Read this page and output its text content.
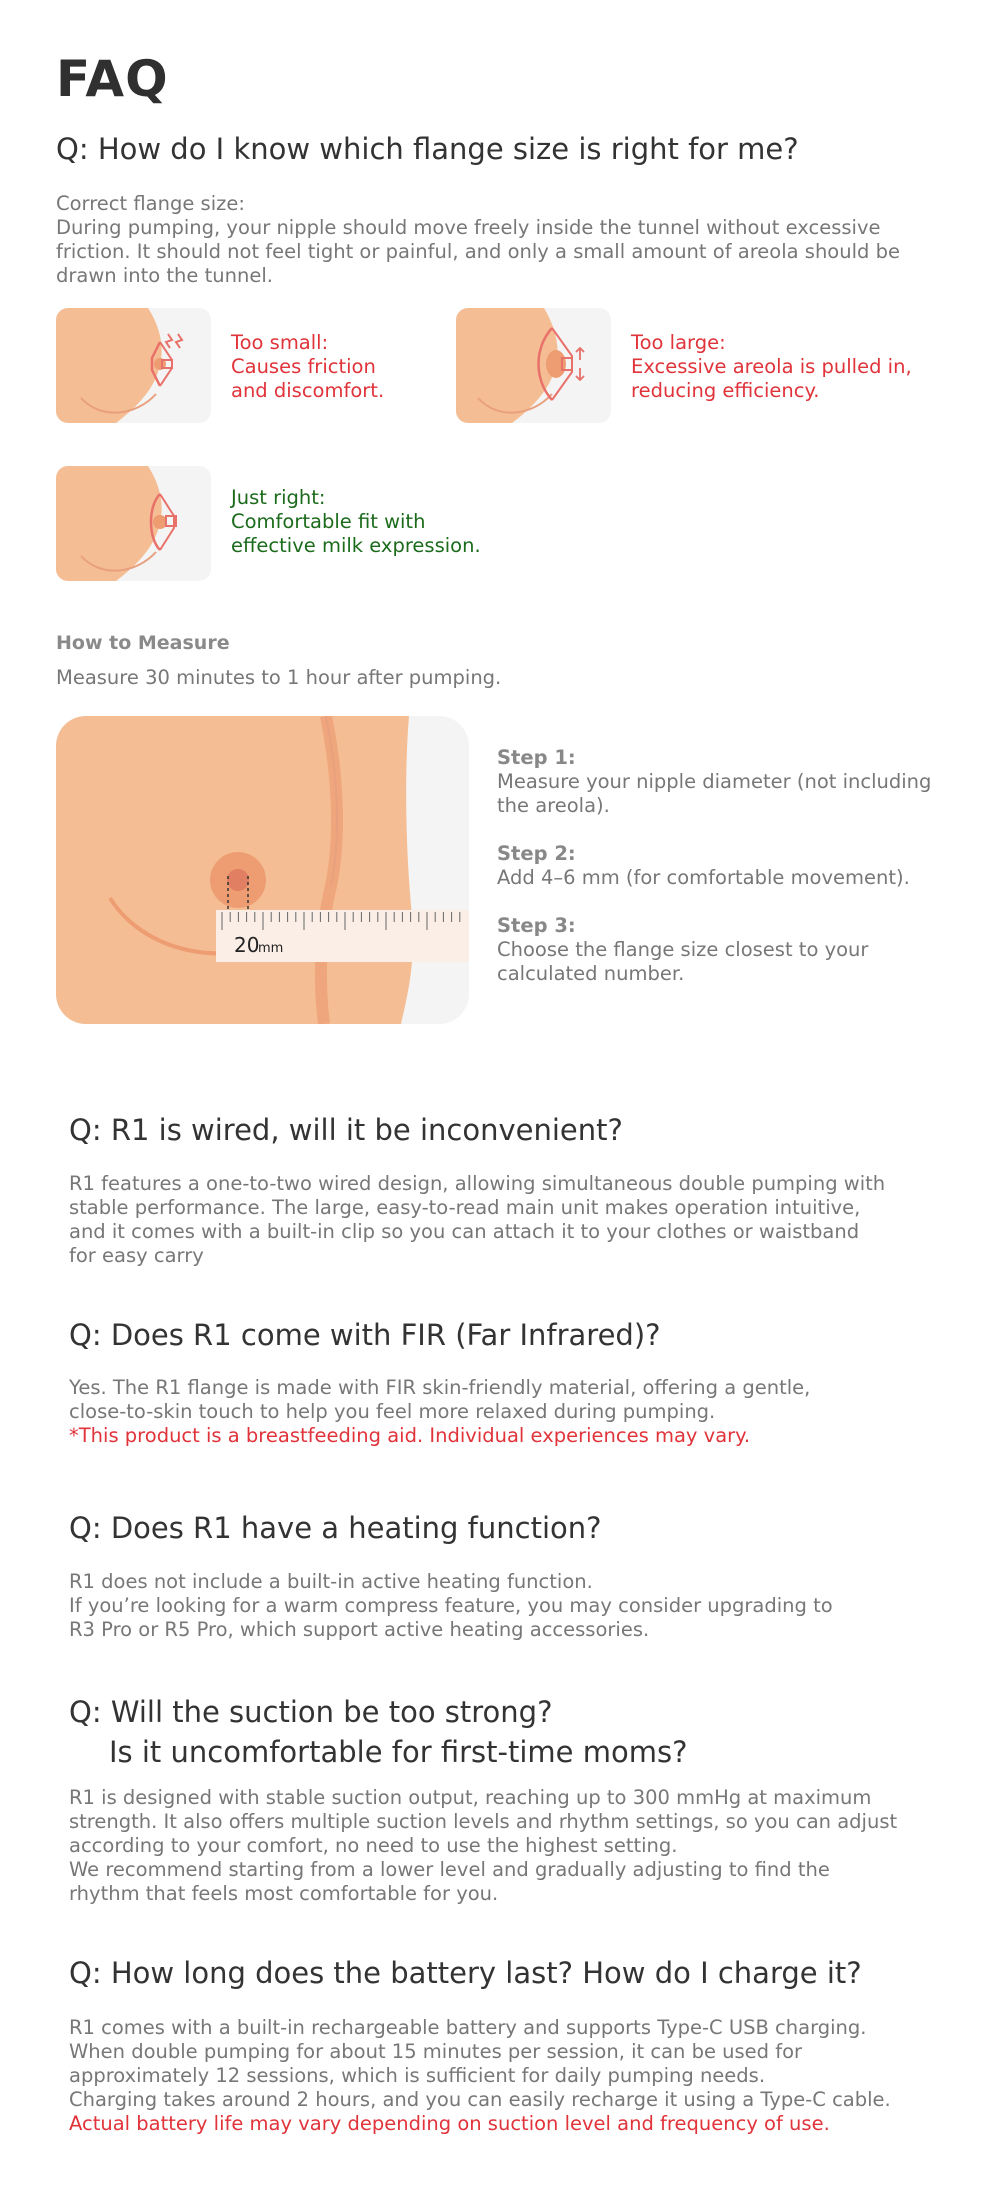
FAQ
Q: How do I know which flange size is right for me?
Correct flange size:
During pumping, your nipple should move freely inside the tunnel without excessive
friction. It should not feel tight or painful, and only a small amount of areola should be
drawn into the tunnel.
Too small:
Causes friction
and discomfort.
Too large:
Excessive areola is pulled in,
reducing efficiency.
Just right:
Comfortable fit with
effective milk expression.
How to Measure
Measure 30 minutes to 1 hour after pumping.
20
mm
Step 1:
Measure your nipple diameter (not including
the areola).
Step 2:
Add 4–6 mm (for comfortable movement).
Step 3:
Choose the flange size closest to your
calculated number.
Q: R1 is wired, will it be inconvenient?
R1 features a one-to-two wired design, allowing simultaneous double pumping with
stable performance. The large, easy-to-read main unit makes operation intuitive,
and it comes with a built-in clip so you can attach it to your clothes or waistband
for easy carry
Q: Does R1 come with FIR (Far Infrared)?
Yes. The R1 flange is made with FIR skin-friendly material, offering a gentle,
close-to-skin touch to help you feel more relaxed during pumping.
*This product is a breastfeeding aid. Individual experiences may vary.
Q: Does R1 have a heating function?
R1 does not include a built-in active heating function.
If you’re looking for a warm compress feature, you may consider upgrading to
R3 Pro or R5 Pro, which support active heating accessories.
Q: Will the suction be too strong?
Is it uncomfortable for first-time moms?
R1 is designed with stable suction output, reaching up to 300 mmHg at maximum
strength. It also offers multiple suction levels and rhythm settings, so you can adjust
according to your comfort, no need to use the highest setting.
We recommend starting from a lower level and gradually adjusting to find the
rhythm that feels most comfortable for you.
Q: How long does the battery last? How do I charge it?
R1 comes with a built-in rechargeable battery and supports Type-C USB charging.
When double pumping for about 15 minutes per session, it can be used for
approximately 12 sessions, which is sufficient for daily pumping needs.
Charging takes around 2 hours, and you can easily recharge it using a Type-C cable.
Actual battery life may vary depending on suction level and frequency of use.
